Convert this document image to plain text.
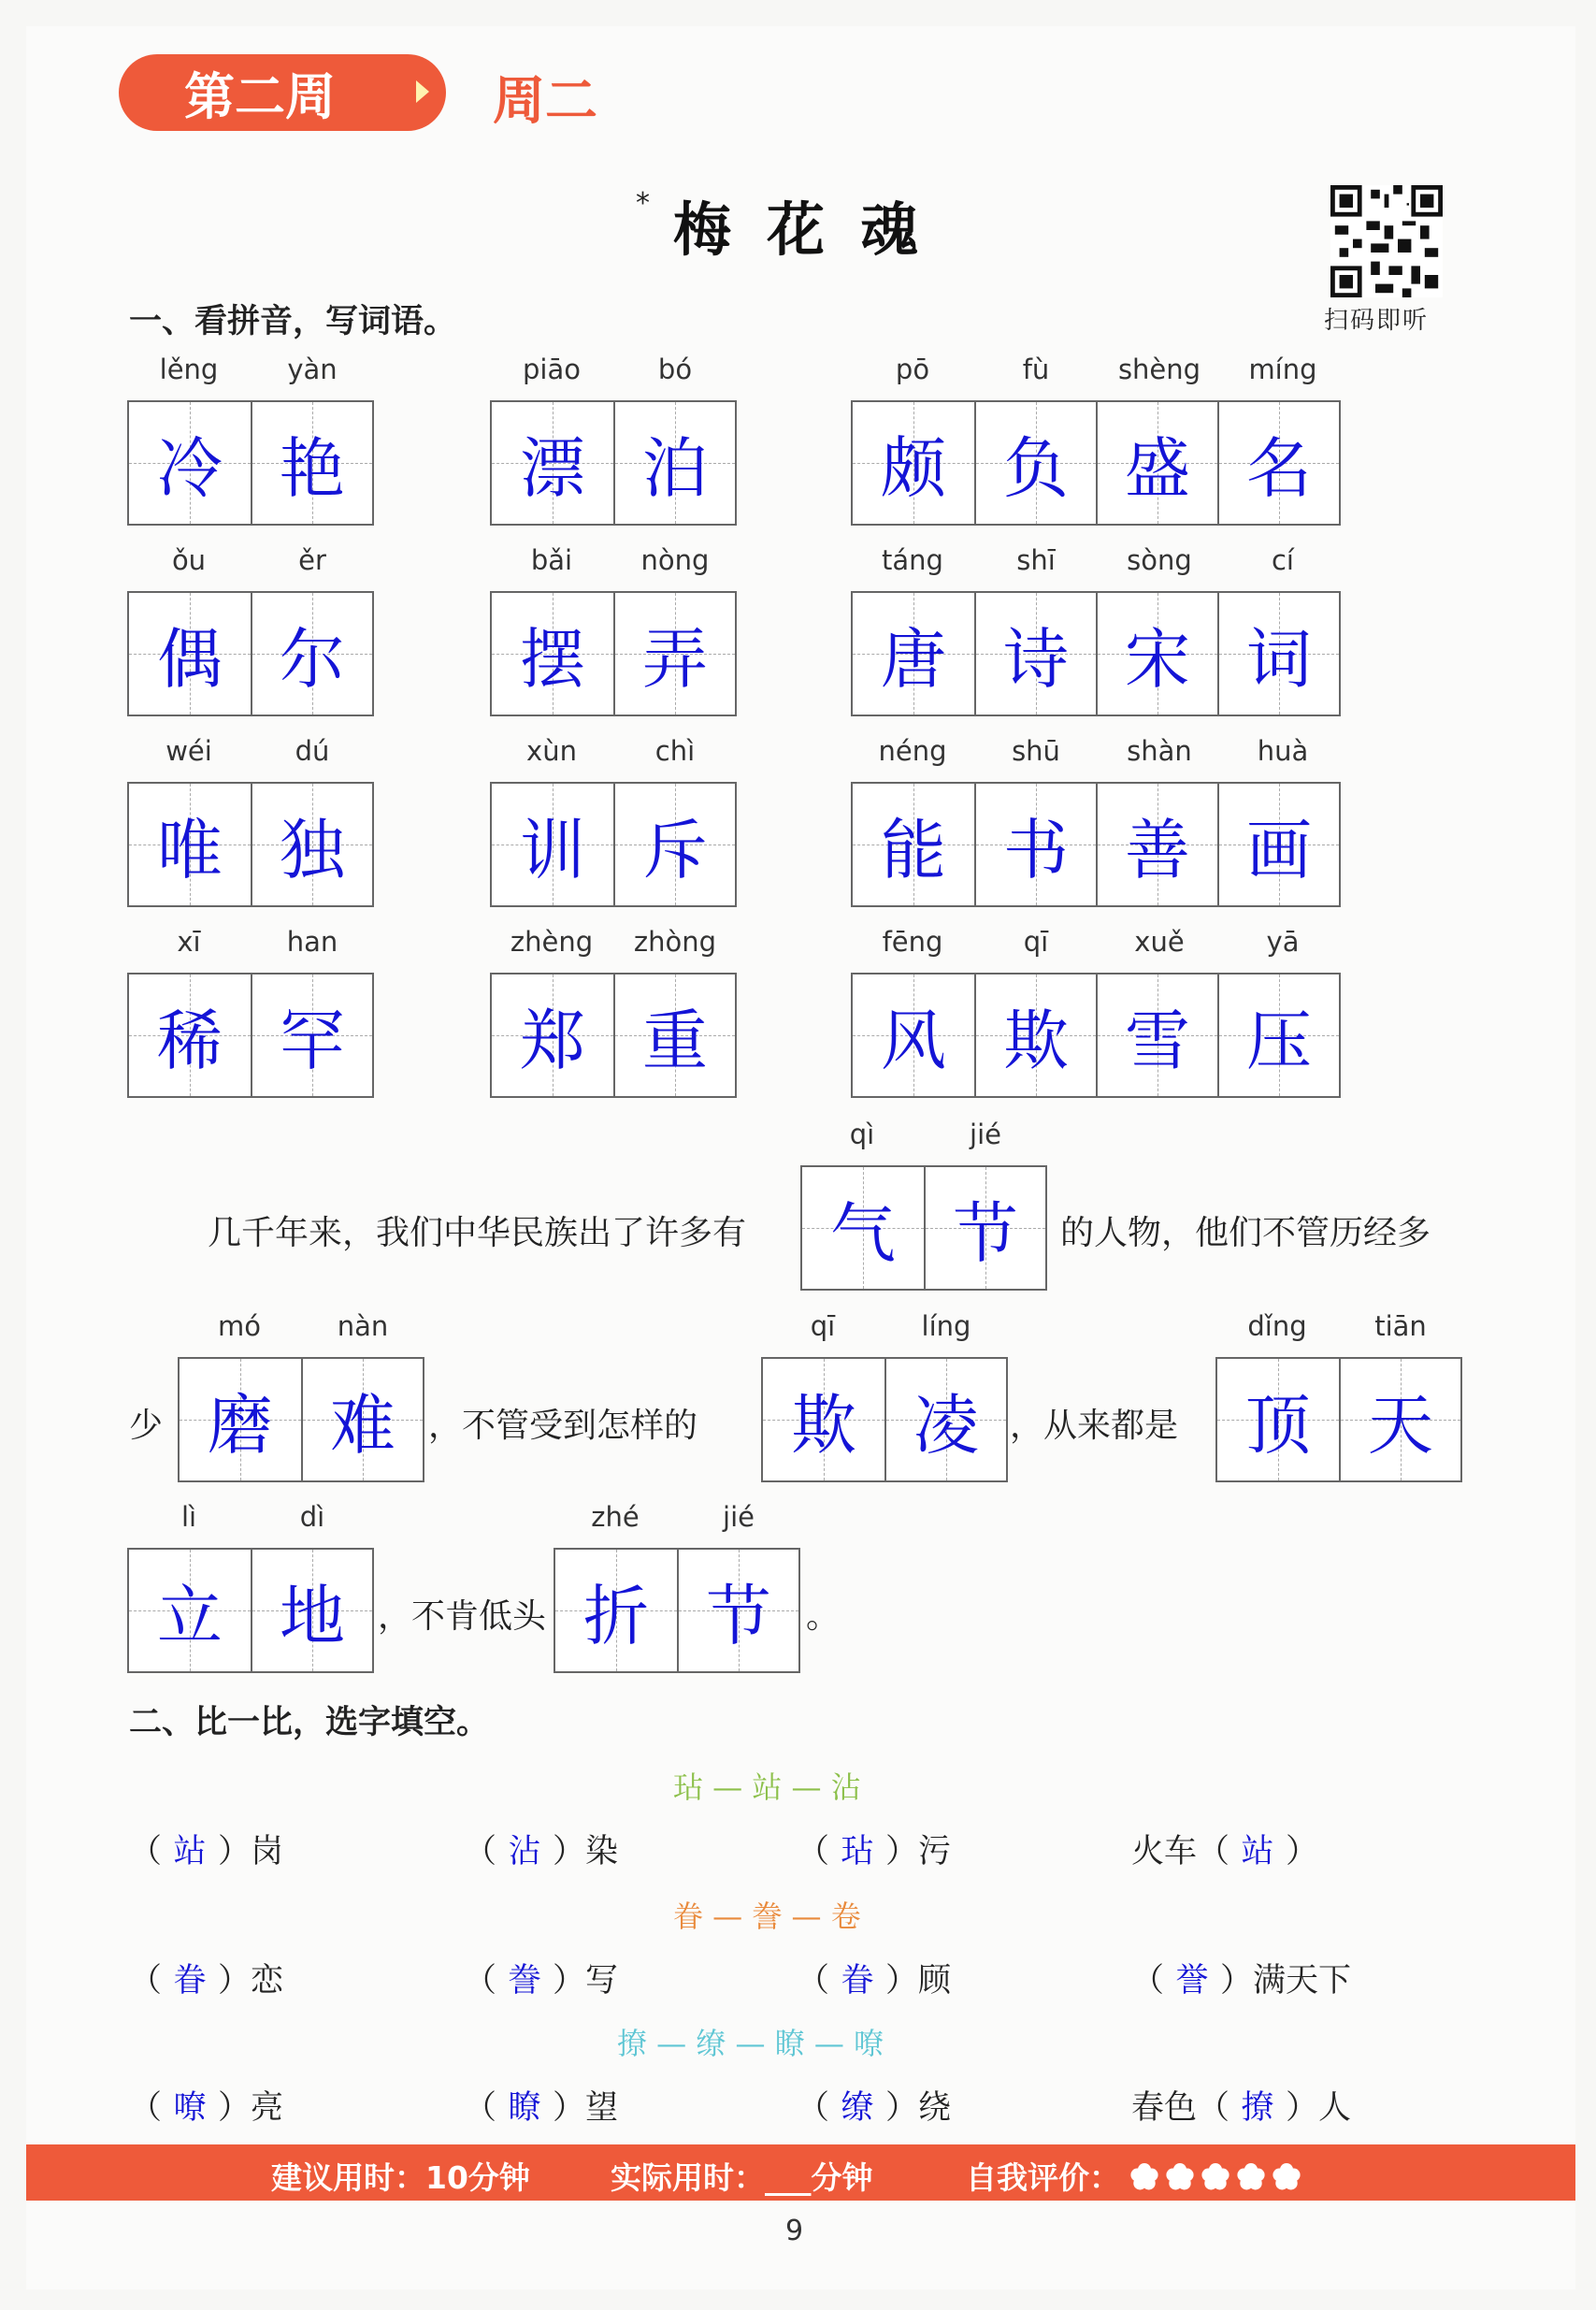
第二周	周二
* 梅花魂
扫码即听
一、看拼音，写词语。
lěng	yàn
冷 艳
piāo	bó
漂 泊
pō	fù	shèng	míng
颇 负 盛 名
ǒu	ěr
偶 尔
bǎi	nòng
摆 弄
táng	shī	sòng	cí
唐 诗 宋 词
wéi	dú
唯 独
xùn	chì
训 斥
néng	shū	shàn	huà
能 书 善 画
xī	han
稀 罕
zhèng	zhòng
郑 重
fēng	qī	xuě	yā
风 欺 雪 压
qì	jié
气 节
mó	nàn
磨 难
qī	líng
欺 凌
dǐng	tiān
顶 天
lì	dì
立 地
zhé	jié
折 节
几千年来，我们中华民族出了许多有	的人物，他们不管历经多
少	，不管受到怎样的	，从来都是
，不肯低头	。
二、比一比，选字填空。
玷 — 站 — 沾
（ 站 ）岗	（ 沾 ）染	（ 玷 ）污	火车（ 站 ）
眷 — 誊 — 卷
（ 眷 ）恋	（ 誊 ）写	（ 眷 ）顾	（ 誉 ）满天下
撩 — 缭 — 瞭 — 嘹
（ 嘹 ）亮	（ 瞭 ）望	（ 缭 ）绕	春色（ 撩 ）人
建议用时：10分钟	实际用时：___分钟	自我评价：
9
